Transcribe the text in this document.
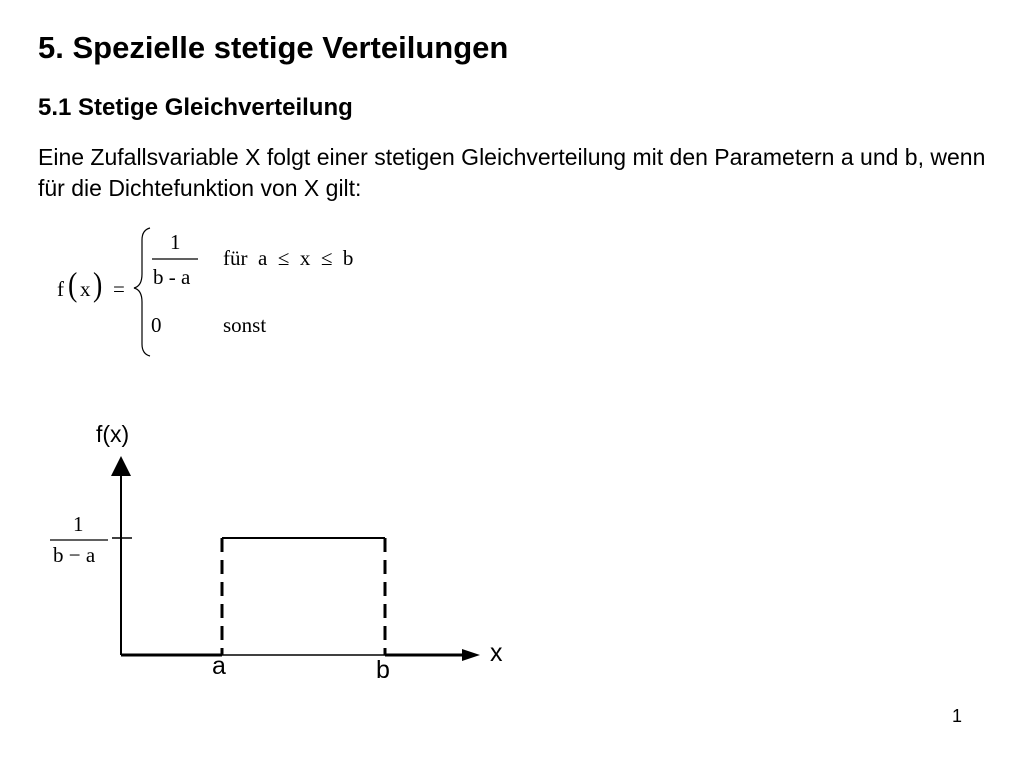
5. Spezielle stetige Verteilungen
5.1 Stetige Gleichverteilung

Eine Zufallsvariable X folgt einer stetigen Gleichverteilung mit den Parametern a und b, wenn für die Dichtefunktion von X gilt:

f ( x ) =
1
b - a
für  a  ≤  x  ≤  b
0	sonst
f(x)
1
b − a
a	b
x
1
